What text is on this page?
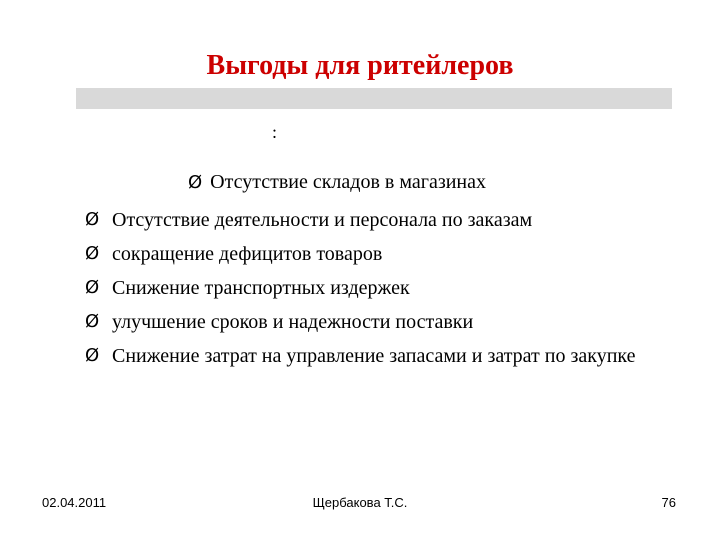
Выгоды для ритейлеров
:
Ø Отсутствие складов в магазинах
Ø Отсутствие деятельности и персонала по заказам
Ø сокращение дефицитов товаров
Ø Снижение транспортных издержек
Ø улучшение сроков и надежности поставки
Ø Снижение затрат на управление запасами и затрат по закупке
02.04.2011	Щербакова Т.С.	76
